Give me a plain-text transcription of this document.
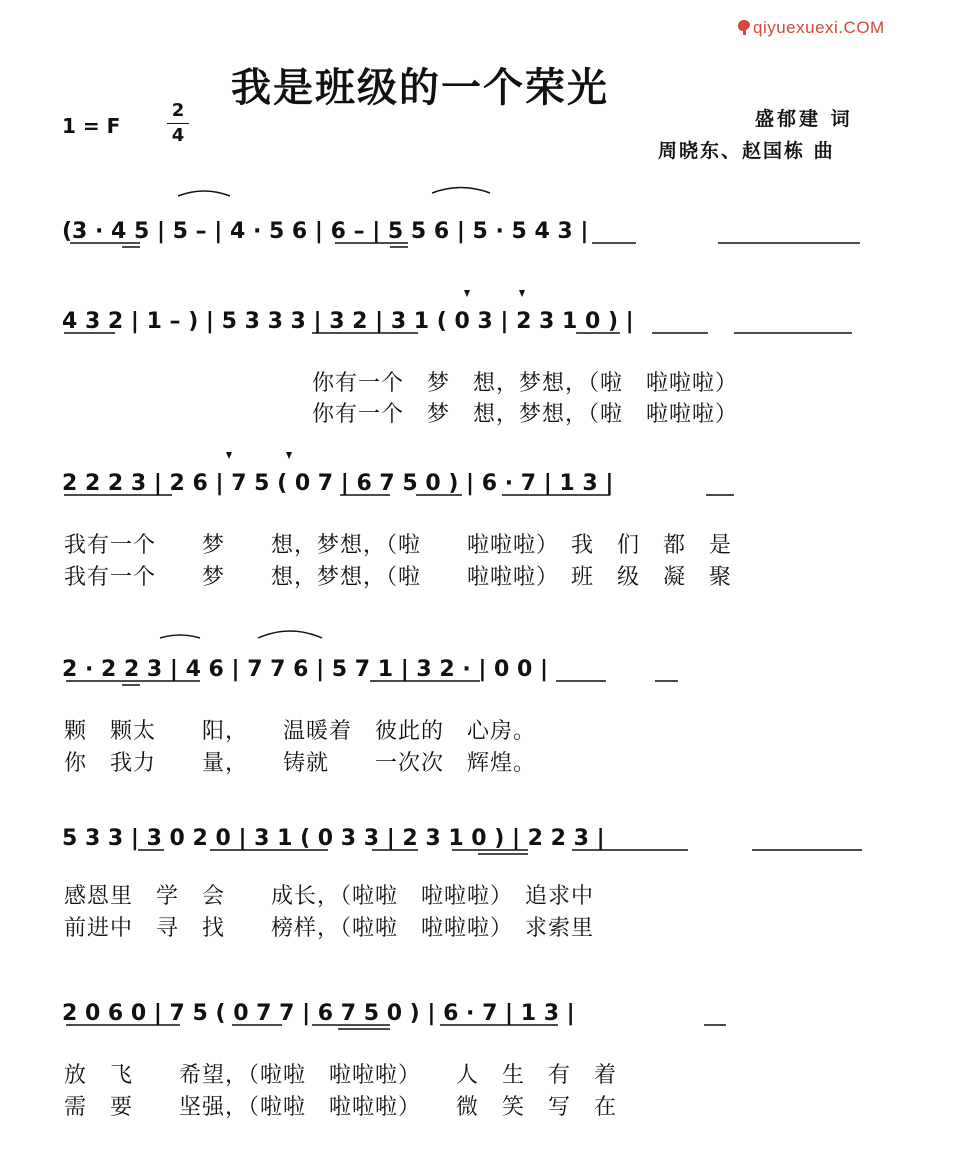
qiyuexuexi.COM
我是班级的一个荣光
1 = F
2
4
盛郁建 词
周晓东、赵国栋 曲
(3 · 4 5 | 5 – | 4 · 5 6 | 6 – | 5 5 6 | 5 · 5 4 3 |
4 3 2 | 1 – ) | 5 3 3 3 | 3 2 | 3 1 ( 0 3 | 2 3 1 0 ) |
2 2 2 3 | 2 6 | 7 5 ( 0 7 | 6 7 5 0 ) | 6 · 7 | 1 3 |
2 · 2 2 3 | 4 6 | 7 7 6 | 5 7 1 | 3 2 · | 0 0 |
5 3 3 | 3 0 2 0 | 3 1 ( 0 3 3 | 2 3 1 0 ) | 2 2 3 |
2 0 6 0 | 7 5 ( 0 7 7 | 6 7 5 0 ) | 6 · 7 | 1 3 |
你有一个　梦　想，梦想，（啦　啦啦啦）
你有一个　梦　想，梦想，（啦　啦啦啦）
我有一个　　梦　　想，梦想，（啦　　啦啦啦）　我　们　都　是
我有一个　　梦　　想，梦想，（啦　　啦啦啦）　班　级　凝　聚
颗　颗太　　阳，　　温暖着　彼此的　心房。
你　我力　　量，　　铸就　　一次次　辉煌。
感恩里　学　会　　成长，（啦啦　啦啦啦）　追求中
前进中　寻　找　　榜样，（啦啦　啦啦啦）　求索里
放　飞　　希望，（啦啦　啦啦啦）　　人　生　有　着
需　要　　坚强，（啦啦　啦啦啦）　　微　笑　写　在
